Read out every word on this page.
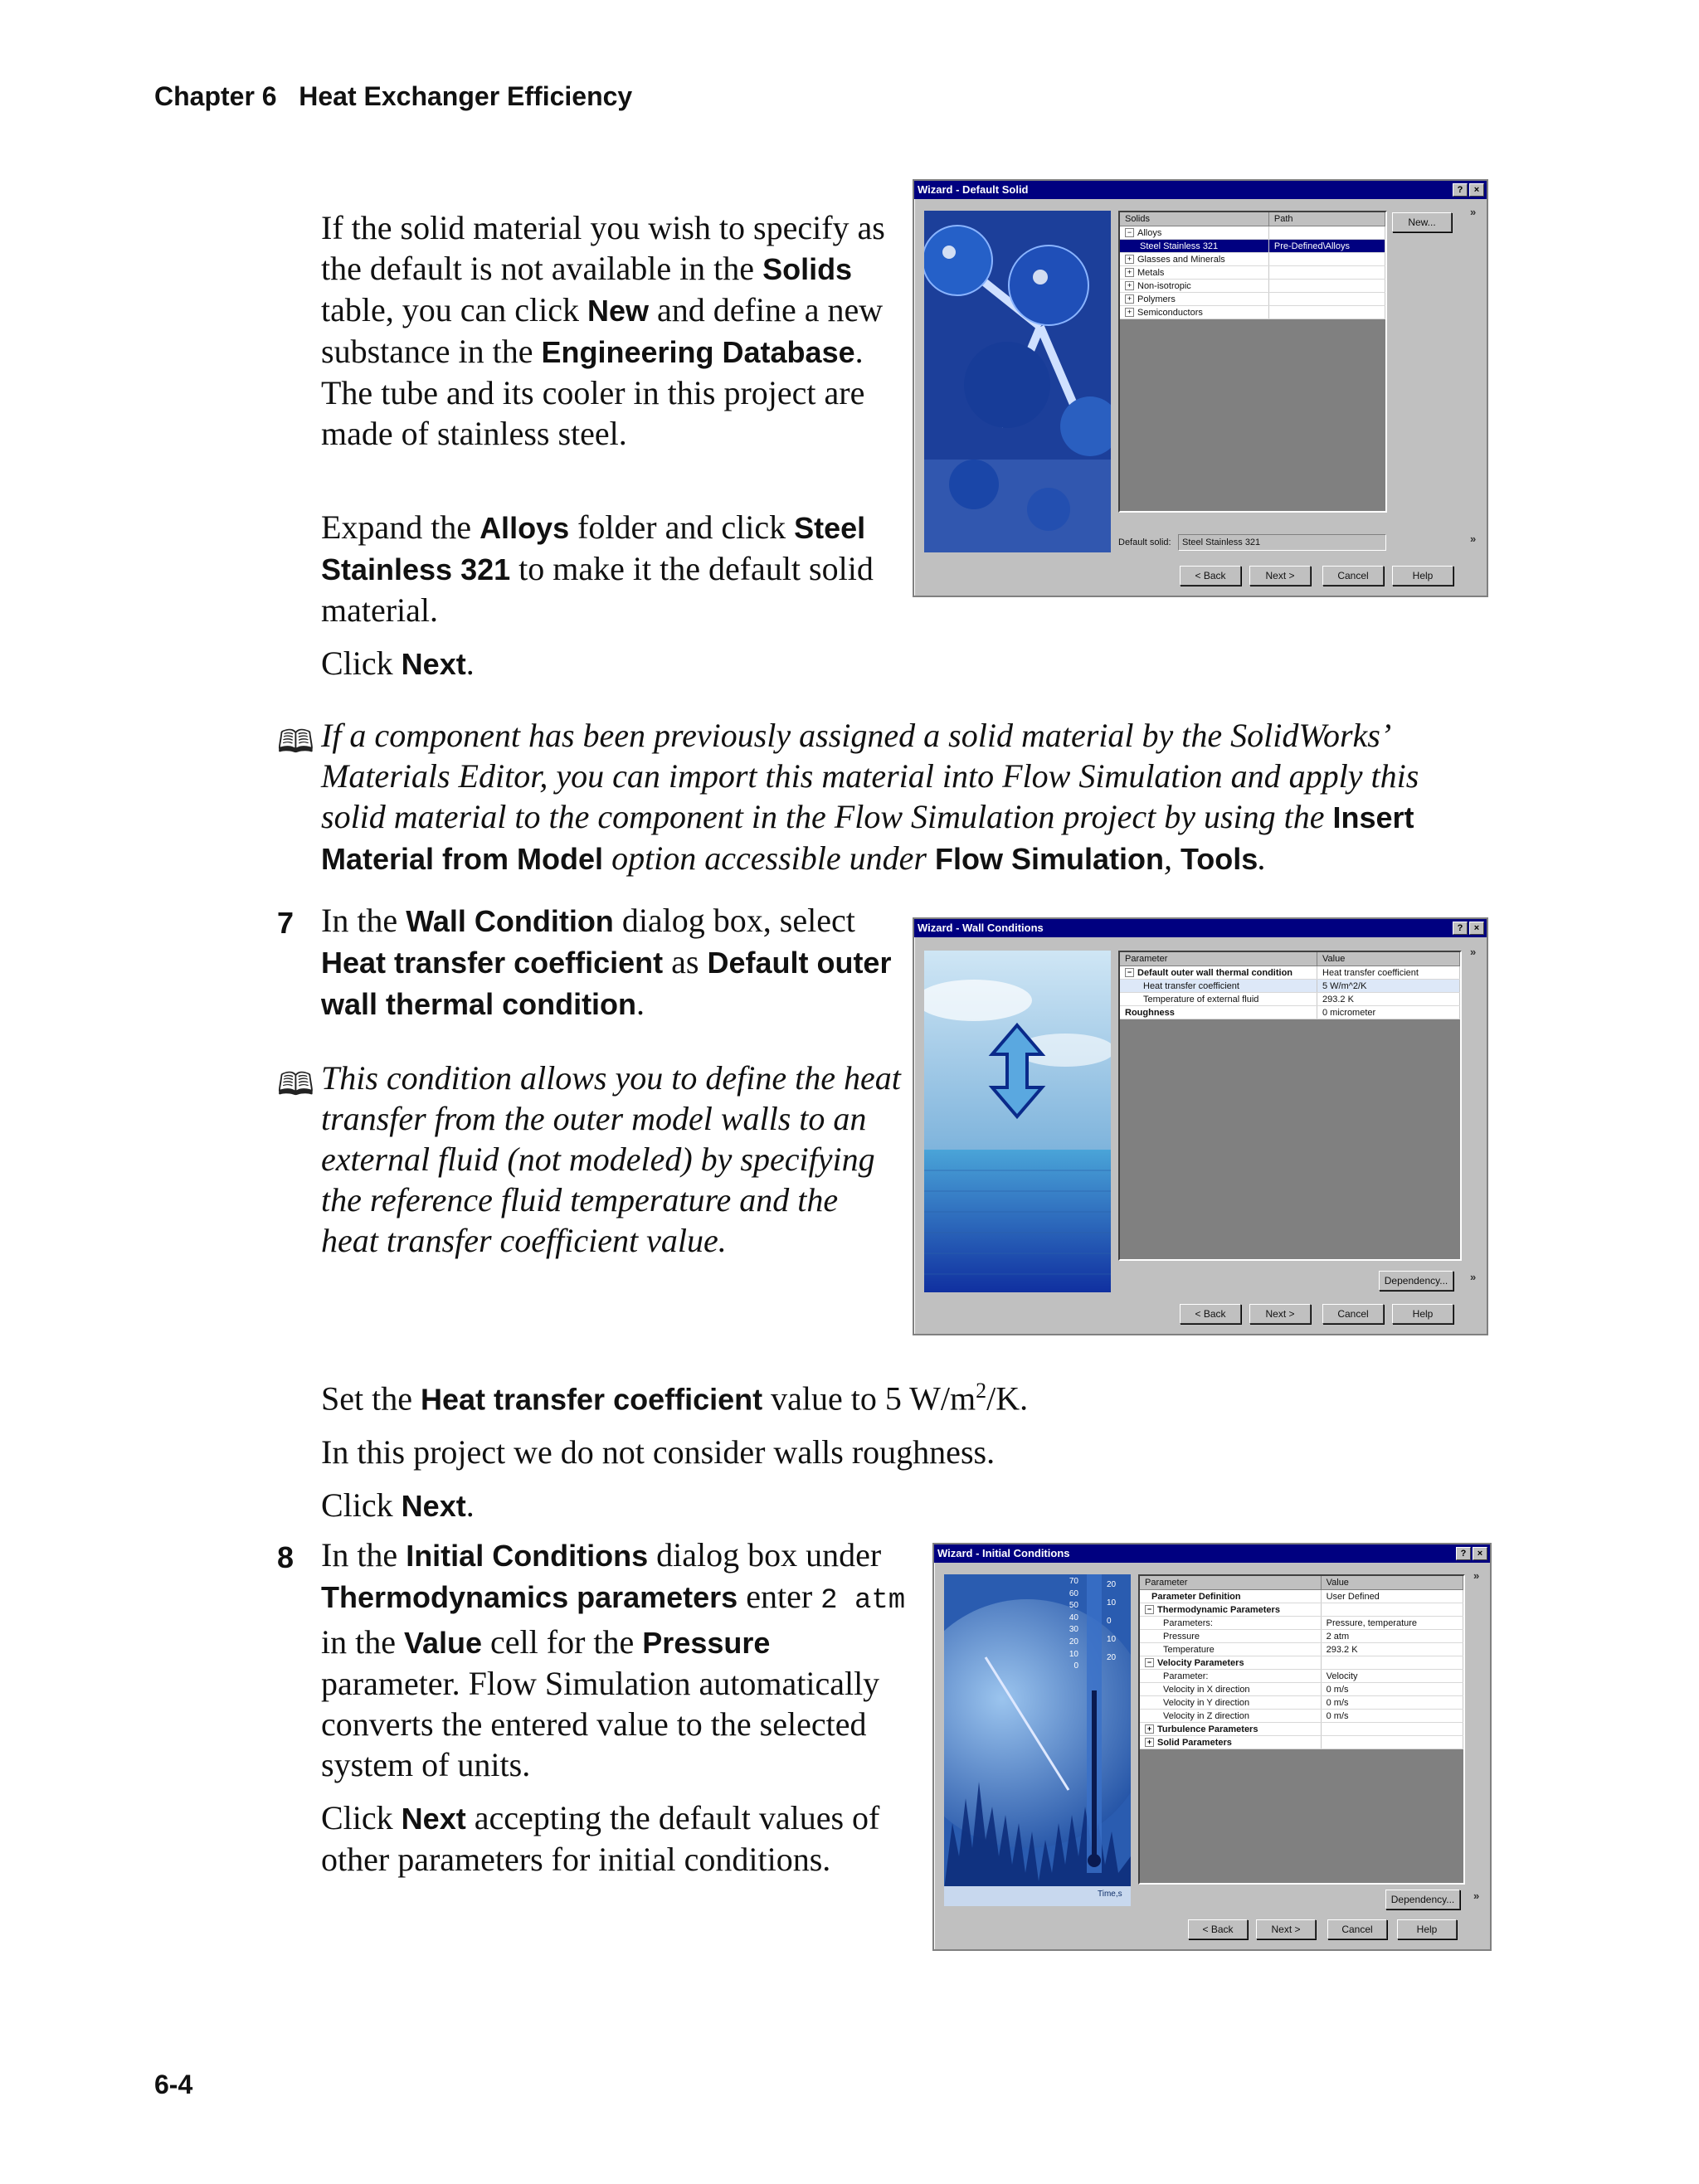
Chapter 6 Heat Exchanger Efficiency

If the solid material you wish to specify as the default is not available in the Solids table, you can click New and define a new substance in the Engineering Database. The tube and its cooler in this project are made of stainless steel.

Expand the Alloys folder and click Steel Stainless 321 to make it the default solid material.

Click Next.

🕮 If a component has been previously assigned a solid material by the SolidWorks’ Materials Editor, you can import this material into Flow Simulation and apply this solid material to the component in the Flow Simulation project by using the Insert Material from Model option accessible under Flow Simulation, Tools.

7 In the Wall Condition dialog box, select Heat transfer coefficient as Default outer wall thermal condition.

🕮 This condition allows you to define the heat transfer from the outer model walls to an external fluid (not modeled) by specifying the reference fluid temperature and the heat transfer coefficient value.

Set the Heat transfer coefficient value to 5 $W/m^2/K$.

In this project we do not consider walls roughness.

Click Next.

8 In the Initial Conditions dialog box under Thermodynamics parameters enter 2 atm in the Value cell for the Pressure parameter. Flow Simulation automatically converts the entered value to the selected system of units.

Click Next accepting the default values of other parameters for initial conditions.

6-4
Wizard - Default Solid	?	×
Solids	Path
− Alloys	
Steel Stainless 321	Pre-Defined\Alloys
+ Glasses and Minerals	
+ Metals	
+ Non-isotropic	
+ Polymers	
+ Semiconductors	
New...
»
Default solid:	Steel Stainless 321	»
< Back	Next >	Cancel	Help
Wizard - Wall Conditions	?	×
Parameter	Value
− Default outer wall thermal condition	Heat transfer coefficient
Heat transfer coefficient	5 W/m^2/K
Temperature of external fluid	293.2 K
Roughness	0 micrometer
»
Dependency...	»
< Back	Next >	Cancel	Help
Wizard - Initial Conditions	?	×
70
60
50
40
30
20
10
0
20
10
0
10
20
Time,s
Parameter	Value
Parameter Definition	User Defined
− Thermodynamic Parameters	
Parameters:	Pressure, temperature
Pressure	2 atm
Temperature	293.2 K
− Velocity Parameters	
Parameter:	Velocity
Velocity in X direction	0 m/s
Velocity in Y direction	0 m/s
Velocity in Z direction	0 m/s
+ Turbulence Parameters	
+ Solid Parameters	
»
Dependency...	»
< Back	Next >	Cancel	Help
